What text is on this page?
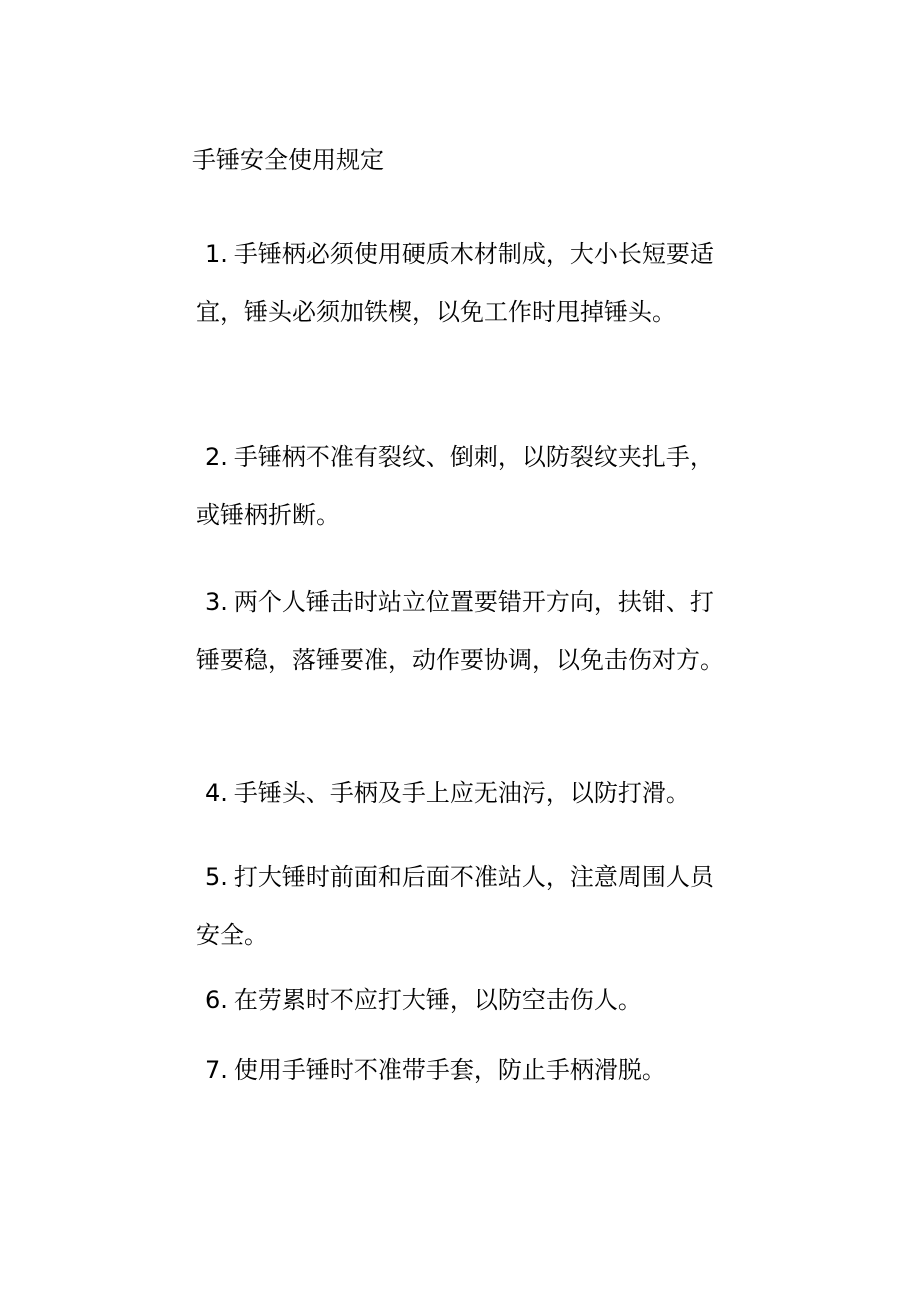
手锤安全使用规定
1. 手锤柄必须使用硬质木材制成，大小长短要适宜，锤头必须加铁楔，以免工作时甩掉锤头。
2. 手锤柄不准有裂纹、倒刺，以防裂纹夹扎手，或锤柄折断。
3. 两个人锤击时站立位置要错开方向，扶钳、打锤要稳，落锤要准，动作要协调，以免击伤对方。
4. 手锤头、手柄及手上应无油污，以防打滑。
5. 打大锤时前面和后面不准站人，注意周围人员安全。
6. 在劳累时不应打大锤，以防空击伤人。
7. 使用手锤时不准带手套，防止手柄滑脱。
